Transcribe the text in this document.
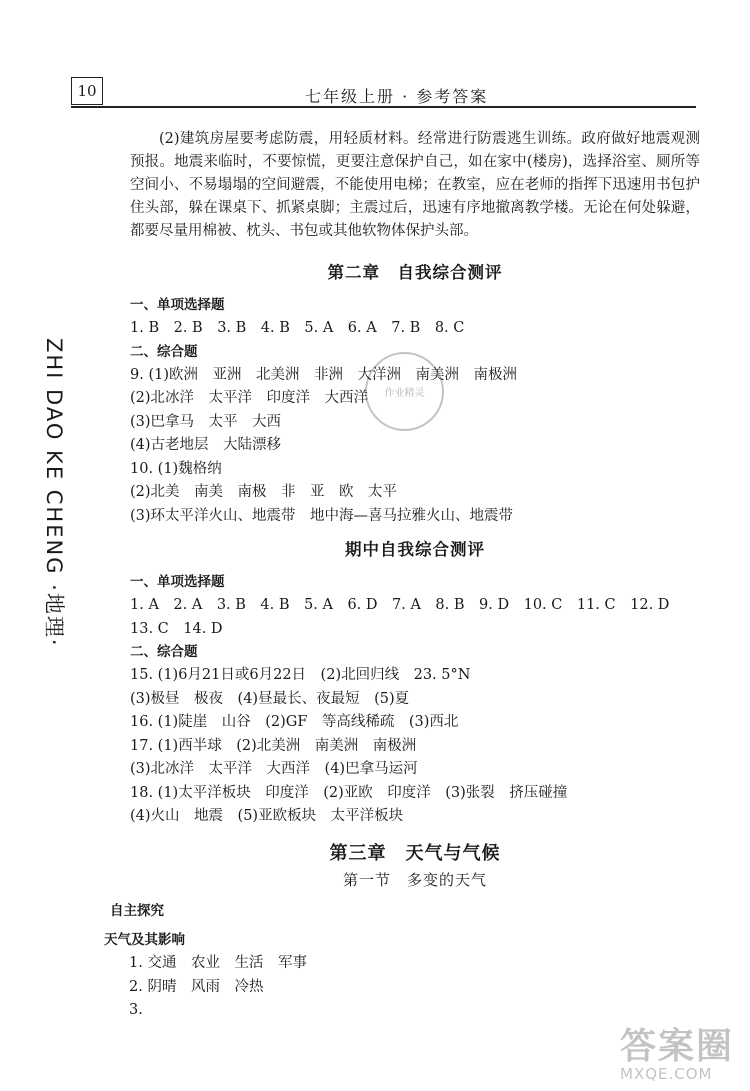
10	七年级上册 · 参考答案
ZHI DAO KE CHENG ·地理·	作业精灵

(2)建筑房屋要考虑防震，用轻质材料。经常进行防震逃生训练。政府做好地震观测预报。地震来临时，不要惊慌，更要注意保护自己，如在家中(楼房)，选择浴室、厕所等空间小、不易塌塌的空间避震，不能使用电梯；在教室，应在老师的指挥下迅速用书包护住头部，躲在课桌下、抓紧桌脚；主震过后，迅速有序地撤离教学楼。无论在何处躲避，都要尽量用棉被、枕头、书包或其他软物体保护头部。

第二章　自我综合测评

一、单项选择题

1. B　2. B　3. B　4. B　5. A　6. A　7. B　8. C

二、综合题

9. (1)欧洲　亚洲　北美洲　非洲　大洋洲　南美洲　南极洲

(2)北冰洋　太平洋　印度洋　大西洋

(3)巴拿马　太平　大西

(4)古老地层　大陆漂移

10. (1)魏格纳

(2)北美　南美　南极　非　亚　欧　太平

(3)环太平洋火山、地震带　地中海—喜马拉雅火山、地震带

期中自我综合测评

一、单项选择题

1. A　2. A　3. B　4. B　5. A　6. D　7. A　8. B　9. D　10. C　11. C　12. D　13. C　14. D

二、综合题

15. (1)6月21日或6月22日　(2)北回归线　23. 5°N

(3)极昼　极夜　(4)昼最长、夜最短　(5)夏

16. (1)陡崖　山谷　(2)GF　等高线稀疏　(3)西北

17. (1)西半球　(2)北美洲　南美洲　南极洲

(3)北冰洋　太平洋　大西洋　(4)巴拿马运河

18. (1)太平洋板块　印度洋　(2)亚欧　印度洋　(3)张裂　挤压碰撞

(4)火山　地震　(5)亚欧板块　太平洋板块

第三章　天气与气候

第一节　多变的天气

自主探究

天气及其影响

1. 交通　农业　生活　军事

2. 阴晴　风雨　冷热

3.

答案圈
MXQE.COM
